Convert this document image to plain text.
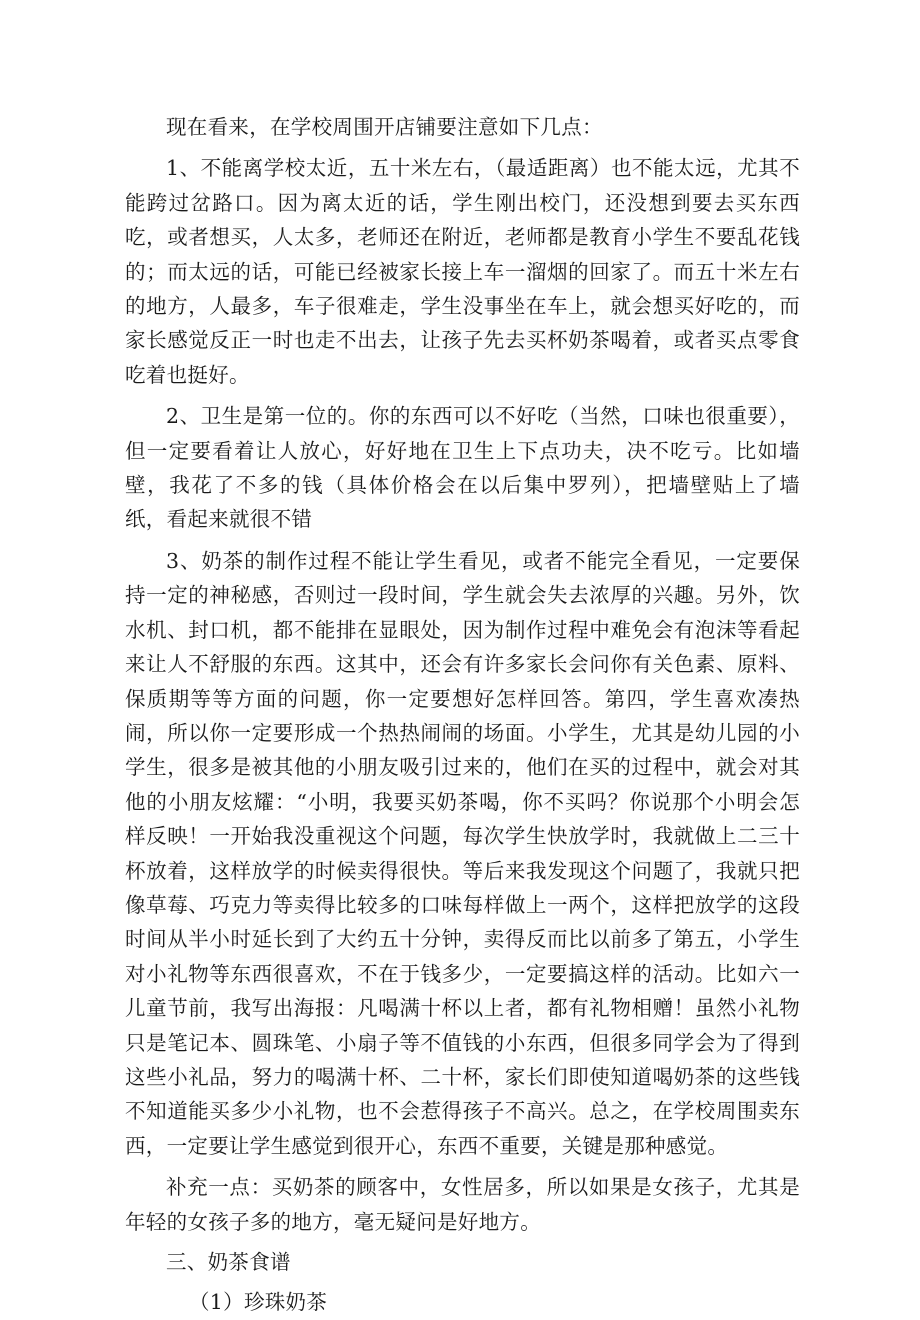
现在看来，在学校周围开店铺要注意如下几点：

1、不能离学校太近，五十米左右，（最适距离）也不能太远，尤其不能跨过岔路口。因为离太近的话，学生刚出校门，还没想到要去买东西吃，或者想买，人太多，老师还在附近，老师都是教育小学生不要乱花钱的；而太远的话，可能已经被家长接上车一溜烟的回家了。而五十米左右的地方，人最多，车子很难走，学生没事坐在车上，就会想买好吃的，而家长感觉反正一时也走不出去，让孩子先去买杯奶茶喝着，或者买点零食吃着也挺好。

2、卫生是第一位的。你的东西可以不好吃（当然，口味也很重要），但一定要看着让人放心，好好地在卫生上下点功夫，决不吃亏。比如墙壁，我花了不多的钱（具体价格会在以后集中罗列），把墙壁贴上了墙纸，看起来就很不错

3、奶茶的制作过程不能让学生看见，或者不能完全看见，一定要保持一定的神秘感，否则过一段时间，学生就会失去浓厚的兴趣。另外，饮水机、封口机，都不能排在显眼处，因为制作过程中难免会有泡沫等看起来让人不舒服的东西。这其中，还会有许多家长会问你有关色素、原料、保质期等等方面的问题，你一定要想好怎样回答。第四，学生喜欢凑热闹，所以你一定要形成一个热热闹闹的场面。小学生，尤其是幼儿园的小学生，很多是被其他的小朋友吸引过来的，他们在买的过程中，就会对其他的小朋友炫耀：“小明，我要买奶茶喝，你不买吗？你说那个小明会怎样反映！一开始我没重视这个问题，每次学生快放学时，我就做上二三十杯放着，这样放学的时候卖得很快。等后来我发现这个问题了，我就只把像草莓、巧克力等卖得比较多的口味每样做上一两个，这样把放学的这段时间从半小时延长到了大约五十分钟，卖得反而比以前多了第五，小学生对小礼物等东西很喜欢，不在于钱多少，一定要搞这样的活动。比如六一儿童节前，我写出海报：凡喝满十杯以上者，都有礼物相赠！虽然小礼物只是笔记本、圆珠笔、小扇子等不值钱的小东西，但很多同学会为了得到这些小礼品，努力的喝满十杯、二十杯，家长们即使知道喝奶茶的这些钱不知道能买多少小礼物，也不会惹得孩子不高兴。总之，在学校周围卖东西，一定要让学生感觉到很开心，东西不重要，关键是那种感觉。

补充一点：买奶茶的顾客中，女性居多，所以如果是女孩子，尤其是年轻的女孩子多的地方，毫无疑问是好地方。

三、奶茶食谱

（1）珍珠奶茶
